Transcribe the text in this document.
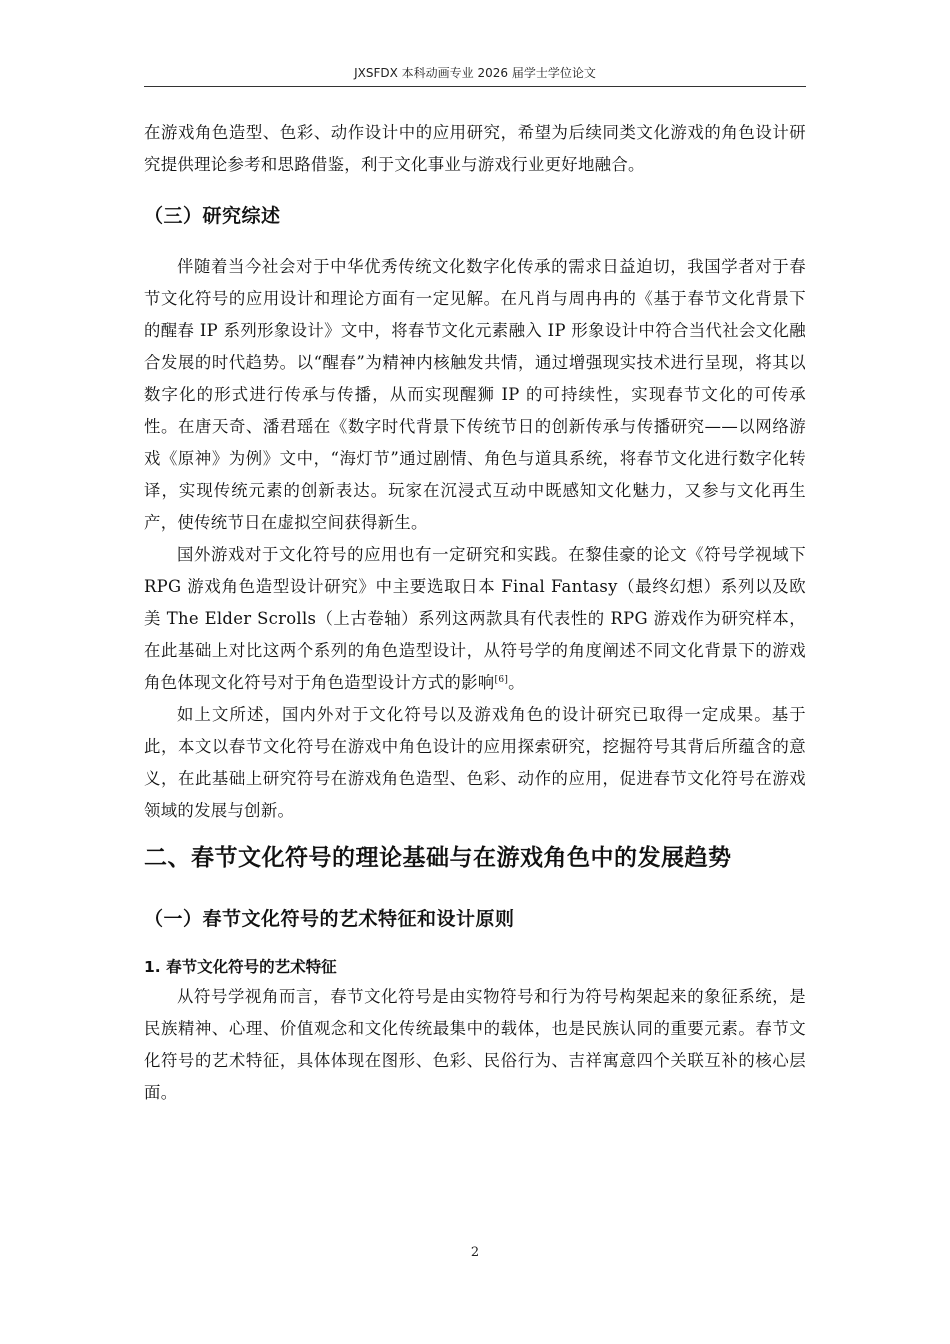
JXSFDX 本科动画专业 2026 届学士学位论文

在游戏角色造型、色彩、动作设计中的应用研究，希望为后续同类文化游戏的角色设计研究提供理论参考和思路借鉴，利于文化事业与游戏行业更好地融合。

（三）研究综述

伴随着当今社会对于中华优秀传统文化数字化传承的需求日益迫切，我国学者对于春节文化符号的应用设计和理论方面有一定见解。在凡肖与周冉冉的《基于春节文化背景下的醒春 IP 系列形象设计》文中，将春节文化元素融入 IP 形象设计中符合当代社会文化融合发展的时代趋势。以“醒春”为精神内核触发共情，通过增强现实技术进行呈现，将其以数字化的形式进行传承与传播，从而实现醒狮 IP 的可持续性，实现春节文化的可传承性。在唐天奇、潘君瑶在《数字时代背景下传统节日的创新传承与传播研究——以网络游戏《原神》为例》文中，“海灯节”通过剧情、角色与道具系统，将春节文化进行数字化转译，实现传统元素的创新表达。玩家在沉浸式互动中既感知文化魅力，又参与文化再生产，使传统节日在虚拟空间获得新生。

国外游戏对于文化符号的应用也有一定研究和实践。在黎佳豪的论文《符号学视域下 RPG 游戏角色造型设计研究》中主要选取日本 Final Fantasy（最终幻想）系列以及欧美 The Elder Scrolls（上古卷轴）系列这两款具有代表性的 RPG 游戏作为研究样本，在此基础上对比这两个系列的角色造型设计，从符号学的角度阐述不同文化背景下的游戏角色体现文化符号对于角色造型设计方式的影响[6]。

如上文所述，国内外对于文化符号以及游戏角色的设计研究已取得一定成果。基于此，本文以春节文化符号在游戏中角色设计的应用探索研究，挖掘符号其背后所蕴含的意义，在此基础上研究符号在游戏角色造型、色彩、动作的应用，促进春节文化符号在游戏领域的发展与创新。

二、春节文化符号的理论基础与在游戏角色中的发展趋势
（一）春节文化符号的艺术特征和设计原则
1. 春节文化符号的艺术特征

从符号学视角而言，春节文化符号是由实物符号和行为符号构架起来的象征系统，是民族精神、心理、价值观念和文化传统最集中的载体，也是民族认同的重要元素。春节文化符号的艺术特征，具体体现在图形、色彩、民俗行为、吉祥寓意四个关联互补的核心层面。

2
